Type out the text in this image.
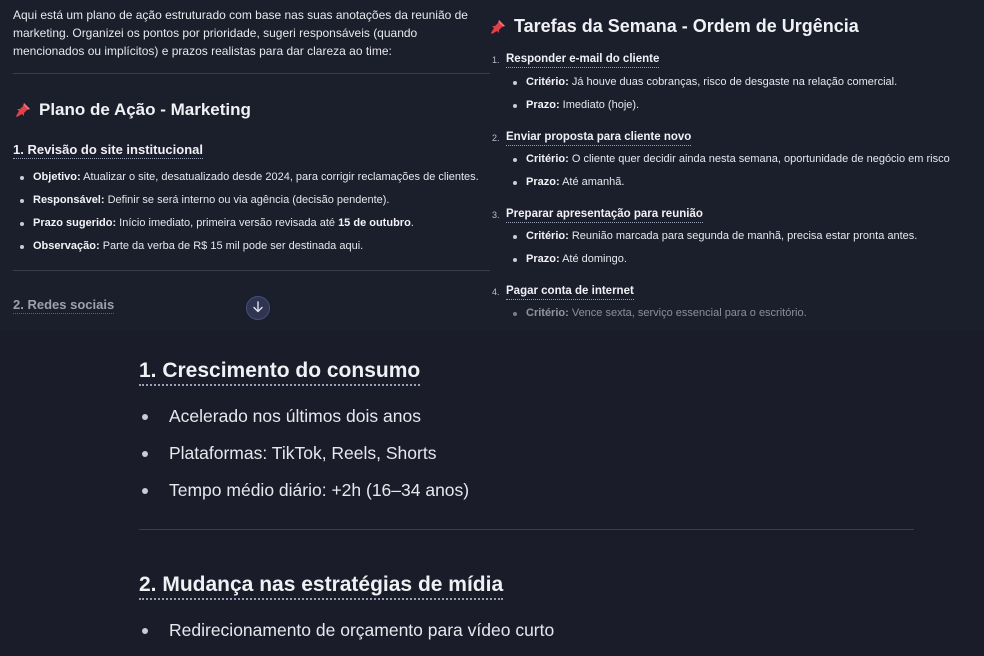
Aqui está um plano de ação estruturado com base nas suas anotações da reunião de marketing. Organizei os pontos por prioridade, sugeri responsáveis (quando mencionados ou implícitos) e prazos realistas para dar clareza ao time:
Plano de Ação - Marketing
1. Revisão do site institucional
Objetivo: Atualizar o site, desatualizado desde 2024, para corrigir reclamações de clientes.
Responsável: Definir se será interno ou via agência (decisão pendente).
Prazo sugerido: Início imediato, primeira versão revisada até 15 de outubro.
Observação: Parte da verba de R$ 15 mil pode ser destinada aqui.
2. Redes sociais
Tarefas da Semana - Ordem de Urgência
1. Responder e-mail do cliente
Critério: Já houve duas cobranças, risco de desgaste na relação comercial.
Prazo: Imediato (hoje).
2. Enviar proposta para cliente novo
Critério: O cliente quer decidir ainda nesta semana, oportunidade de negócio em risco
Prazo: Até amanhã.
3. Preparar apresentação para reunião
Critério: Reunião marcada para segunda de manhã, precisa estar pronta antes.
Prazo: Até domingo.
4. Pagar conta de internet
Critério: Vence sexta, serviço essencial para o escritório.
1. Crescimento do consumo
Acelerado nos últimos dois anos
Plataformas: TikTok, Reels, Shorts
Tempo médio diário: +2h (16–34 anos)
2. Mudança nas estratégias de mídia
Redirecionamento de orçamento para vídeo curto
